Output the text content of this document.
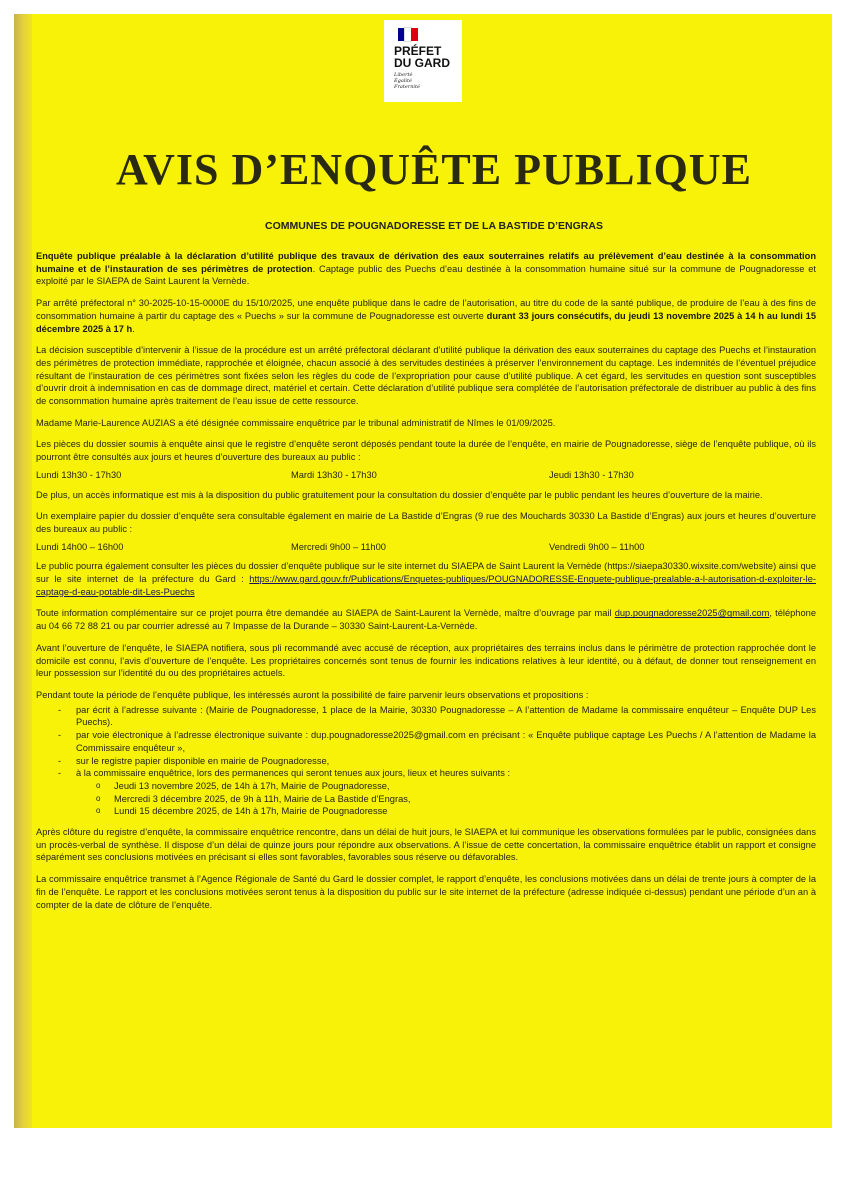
PRÉFET
DU GARD
Liberté
Égalité
Fraternité
AVIS D’ENQUÊTE PUBLIQUE
COMMUNES DE POUGNADORESSE ET DE LA BASTIDE D’ENGRAS

Enquête publique préalable à la déclaration d’utilité publique des travaux de dérivation des eaux souterraines relatifs au prélèvement d’eau destinée à la consommation humaine et de l’instauration de ses périmètres de protection. Captage public des Puechs d’eau destinée à la consommation humaine situé sur la commune de Pougnadoresse et exploité par le SIAEPA de Saint Laurent la Vernède.

Par arrêté préfectoral n° 30-2025-10-15-0000E du 15/10/2025, une enquête publique dans le cadre de l’autorisation, au titre du code de la santé publique, de produire de l’eau à des fins de consommation humaine à partir du captage des « Puechs » sur la commune de Pougnadoresse est ouverte durant 33 jours consécutifs, du jeudi 13 novembre 2025 à 14 h au lundi 15 décembre 2025 à 17 h.

La décision susceptible d’intervenir à l’issue de la procédure est un arrêté préfectoral déclarant d’utilité publique la dérivation des eaux souterraines du captage des Puechs et l’instauration des périmètres de protection immédiate, rapprochée et éloignée, chacun associé à des servitudes destinées à préserver l’environnement du captage. Les indemnités de l’éventuel préjudice résultant de l’instauration de ces périmètres sont fixées selon les règles du code de l’expropriation pour cause d’utilité publique. A cet égard, les servitudes en question sont susceptibles d’ouvrir droit à indemnisation en cas de dommage direct, matériel et certain. Cette déclaration d’utilité publique sera complétée de l’autorisation préfectorale de distribuer au public à des fins de consommation humaine après traitement de l’eau issue de cette ressource.

Madame Marie-Laurence AUZIAS a été désignée commissaire enquêtrice par le tribunal administratif de Nîmes le 01/09/2025.

Les pièces du dossier soumis à enquête ainsi que le registre d’enquête seront déposés pendant toute la durée de l’enquête, en mairie de Pougnadoresse, siège de l’enquête publique, où ils pourront être consultés aux jours et heures d’ouverture des bureaux au public :

Lundi 13h30 - 17h30	Mardi 13h30 - 17h30	Jeudi 13h30 - 17h30

De plus, un accès informatique est mis à la disposition du public gratuitement pour la consultation du dossier d’enquête par le public pendant les heures d’ouverture de la mairie.

Un exemplaire papier du dossier d’enquête sera consultable également en mairie de La Bastide d’Engras (9 rue des Mouchards 30330 La Bastide d’Engras) aux jours et heures d’ouverture des bureaux au public :

Lundi 14h00 – 16h00	Mercredi 9h00 – 11h00	Vendredi 9h00 – 11h00

Le public pourra également consulter les pièces du dossier d’enquête publique sur le site internet du SIAEPA de Saint Laurent la Vernède (https://siaepa30330.wixsite.com/website) ainsi que sur le site internet de la préfecture du Gard : https://www.gard.gouv.fr/Publications/Enquetes-publiques/POUGNADORESSE-Enquete-publique-prealable-a-l-autorisation-d-exploiter-le-captage-d-eau-potable-dit-Les-Puechs

Toute information complémentaire sur ce projet pourra être demandée au SIAEPA de Saint-Laurent la Vernède, maître d’ouvrage par mail dup.pougnadoresse2025@gmail.com, téléphone au 04 66 72 88 21 ou par courrier adressé au 7 Impasse de la Durande – 30330 Saint-Laurent-La-Vernède.

Avant l’ouverture de l’enquête, le SIAEPA notifiera, sous pli recommandé avec accusé de réception, aux propriétaires des terrains inclus dans le périmètre de protection rapprochée dont le domicile est connu, l’avis d’ouverture de l’enquête. Les propriétaires concernés sont tenus de fournir les indications relatives à leur identité, ou à défaut, de donner tout renseignement en leur possession sur l’identité du ou des propriétaires actuels.

Pendant toute la période de l’enquête publique, les intéressés auront la possibilité de faire parvenir leurs observations et propositions :

- par écrit à l’adresse suivante : (Mairie de Pougnadoresse, 1 place de la Mairie, 30330 Pougnadoresse – A l’attention de Madame la commissaire enquêteur – Enquête DUP Les Puechs).
- par voie électronique à l’adresse électronique suivante : dup.pougnadoresse2025@gmail.com en précisant : « Enquête publique captage Les Puechs / A l’attention de Madame la Commissaire enquêteur »,
- sur le registre papier disponible en mairie de Pougnadoresse,
- à la commissaire enquêtrice, lors des permanences qui seront tenues aux jours, lieux et heures suivants :
o Jeudi 13 novembre 2025, de 14h à 17h, Mairie de Pougnadoresse,
o Mercredi 3 décembre 2025, de 9h à 11h, Mairie de La Bastide d’Engras,
o Lundi 15 décembre 2025, de 14h à 17h, Mairie de Pougnadoresse

Après clôture du registre d’enquête, la commissaire enquêtrice rencontre, dans un délai de huit jours, le SIAEPA et lui communique les observations formulées par le public, consignées dans un procès-verbal de synthèse. Il dispose d’un délai de quinze jours pour répondre aux observations. A l’issue de cette concertation, la commissaire enquêtrice établit un rapport et consigne séparément ses conclusions motivées en précisant si elles sont favorables, favorables sous réserve ou défavorables.

La commissaire enquêtrice transmet à l’Agence Régionale de Santé du Gard le dossier complet, le rapport d’enquête, les conclusions motivées dans un délai de trente jours à compter de la fin de l’enquête. Le rapport et les conclusions motivées seront tenus à la disposition du public sur le site internet de la préfecture (adresse indiquée ci-dessus) pendant une période d’un an à compter de la date de clôture de l’enquête.
